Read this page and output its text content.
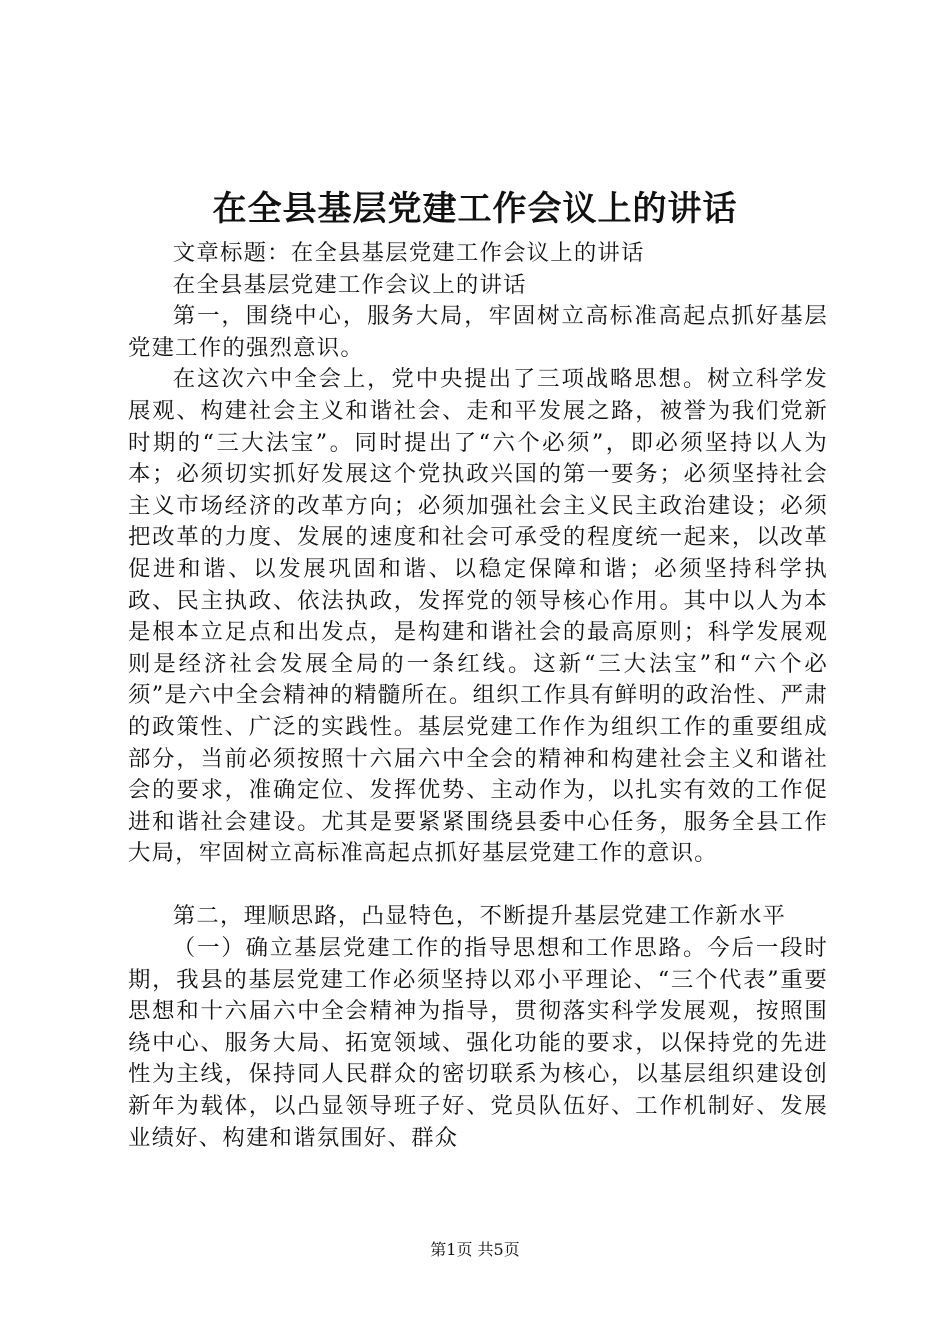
在全县基层党建工作会议上的讲话

文章标题：在全县基层党建工作会议上的讲话

在全县基层党建工作会议上的讲话

第一，围绕中心，服务大局，牢固树立高标准高起点抓好基层党建工作的强烈意识。

在这次六中全会上，党中央提出了三项战略思想。树立科学发展观、构建社会主义和谐社会、走和平发展之路，被誉为我们党新时期的“三大法宝”。同时提出了“六个必须”，即必须坚持以人为本；必须切实抓好发展这个党执政兴国的第一要务；必须坚持社会主义市场经济的改革方向；必须加强社会主义民主政治建设；必须把改革的力度、发展的速度和社会可承受的程度统一起来，以改革促进和谐、以发展巩固和谐、以稳定保障和谐；必须坚持科学执政、民主执政、依法执政，发挥党的领导核心作用。其中以人为本是根本立足点和出发点，是构建和谐社会的最高原则；科学发展观则是经济社会发展全局的一条红线。这新“三大法宝”和“六个必须”是六中全会精神的精髓所在。组织工作具有鲜明的政治性、严肃的政策性、广泛的实践性。基层党建工作作为组织工作的重要组成部分，当前必须按照十六届六中全会的精神和构建社会主义和谐社会的要求，准确定位、发挥优势、主动作为，以扎实有效的工作促进和谐社会建设。尤其是要紧紧围绕县委中心任务，服务全县工作大局，牢固树立高标准高起点抓好基层党建工作的意识。

第二，理顺思路，凸显特色，不断提升基层党建工作新水平

（一）确立基层党建工作的指导思想和工作思路。今后一段时期，我县的基层党建工作必须坚持以邓小平理论、“三个代表”重要思想和十六届六中全会精神为指导，贯彻落实科学发展观，按照围绕中心、服务大局、拓宽领域、强化功能的要求，以保持党的先进性为主线，保持同人民群众的密切联系为核心，以基层组织建设创新年为载体，以凸显领导班子好、党员队伍好、工作机制好、发展业绩好、构建和谐氛围好、群众

第1页 共5页
